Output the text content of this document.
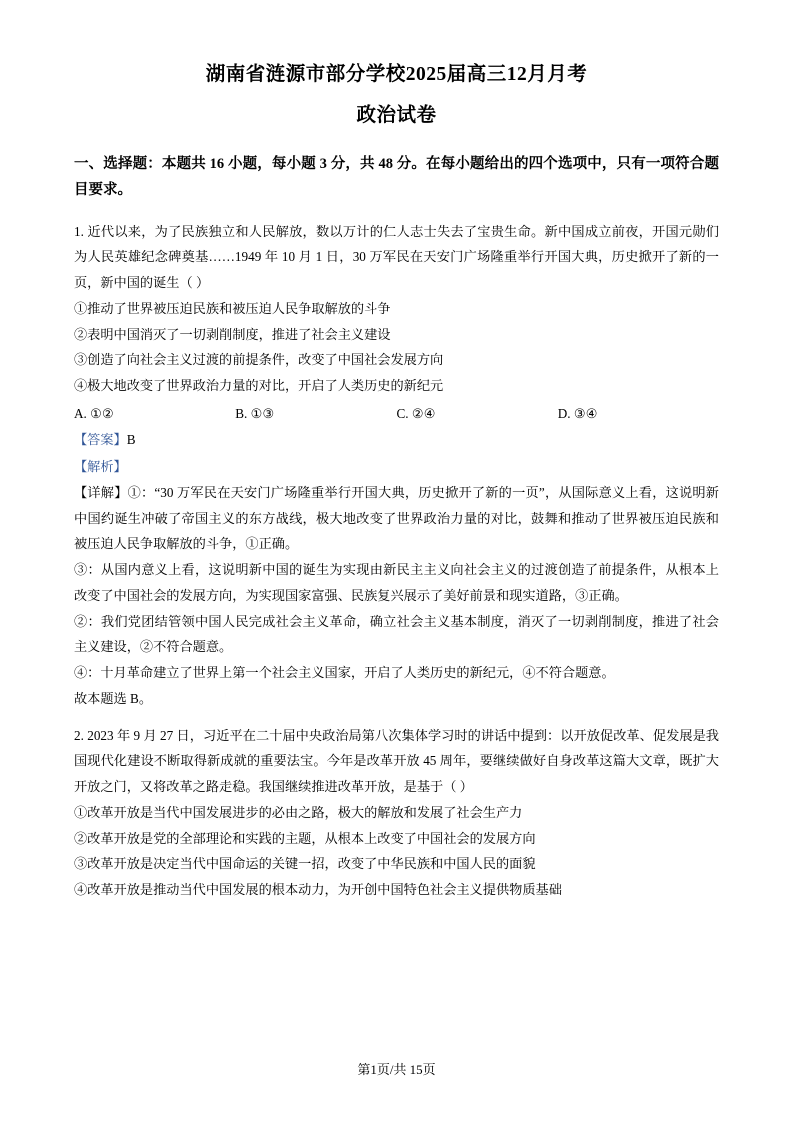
湖南省涟源市部分学校2025届高三12月月考
政治试卷

一、选择题：本题共 16 小题，每小题 3 分，共 48 分。在每小题给出的四个选项中，只有一项符合题目要求。

1. 近代以来，为了民族独立和人民解放，数以万计的仁人志士失去了宝贵生命。新中国成立前夜，开国元勋们为人民英雄纪念碑奠基……1949 年 10 月 1 日，30 万军民在天安门广场隆重举行开国大典，历史掀开了新的一页，新中国的诞生（ ）

①推动了世界被压迫民族和被压迫人民争取解放的斗争

②表明中国消灭了一切剥削制度，推进了社会主义建设

③创造了向社会主义过渡的前提条件，改变了中国社会发展方向

④极大地改变了世界政治力量的对比，开启了人类历史的新纪元

A. ①②	B. ①③	C. ②④	D. ③④

【答案】B

【解析】

【详解】①：“30 万军民在天安门广场隆重举行开国大典，历史掀开了新的一页”，从国际意义上看，这说明新中国约诞生冲破了帝国主义的东方战线，极大地改变了世界政治力量的对比，鼓舞和推动了世界被压迫民族和被压迫人民争取解放的斗争，①正确。

③：从国内意义上看，这说明新中国的诞生为实现由新民主主义向社会主义的过渡创造了前提条件，从根本上改变了中国社会的发展方向，为实现国家富强、民族复兴展示了美好前景和现实道路，③正确。

②：我们党团结管领中国人民完成社会主义革命，确立社会主义基本制度，消灭了一切剥削制度，推进了社会主义建设，②不符合题意。

④：十月革命建立了世界上第一个社会主义国家，开启了人类历史的新纪元，④不符合题意。

故本题选 B。

2. 2023 年 9 月 27 日，习近平在二十届中央政治局第八次集体学习时的讲话中提到：以开放促改革、促发展是我国现代化建设不断取得新成就的重要法宝。今年是改革开放 45 周年，要继续做好自身改革这篇大文章，既扩大开放之门，又将改革之路走稳。我国继续推进改革开放，是基于（ ）

①改革开放是当代中国发展进步的必由之路，极大的解放和发展了社会生产力

②改革开放是党的全部理论和实践的主题，从根本上改变了中国社会的发展方向

③改革开放是决定当代中国命运的关键一招，改变了中华民族和中国人民的面貌

④改革开放是推动当代中国发展的根本动力，为开创中国特色社会主义提供物质基础

第1页/共 15页
